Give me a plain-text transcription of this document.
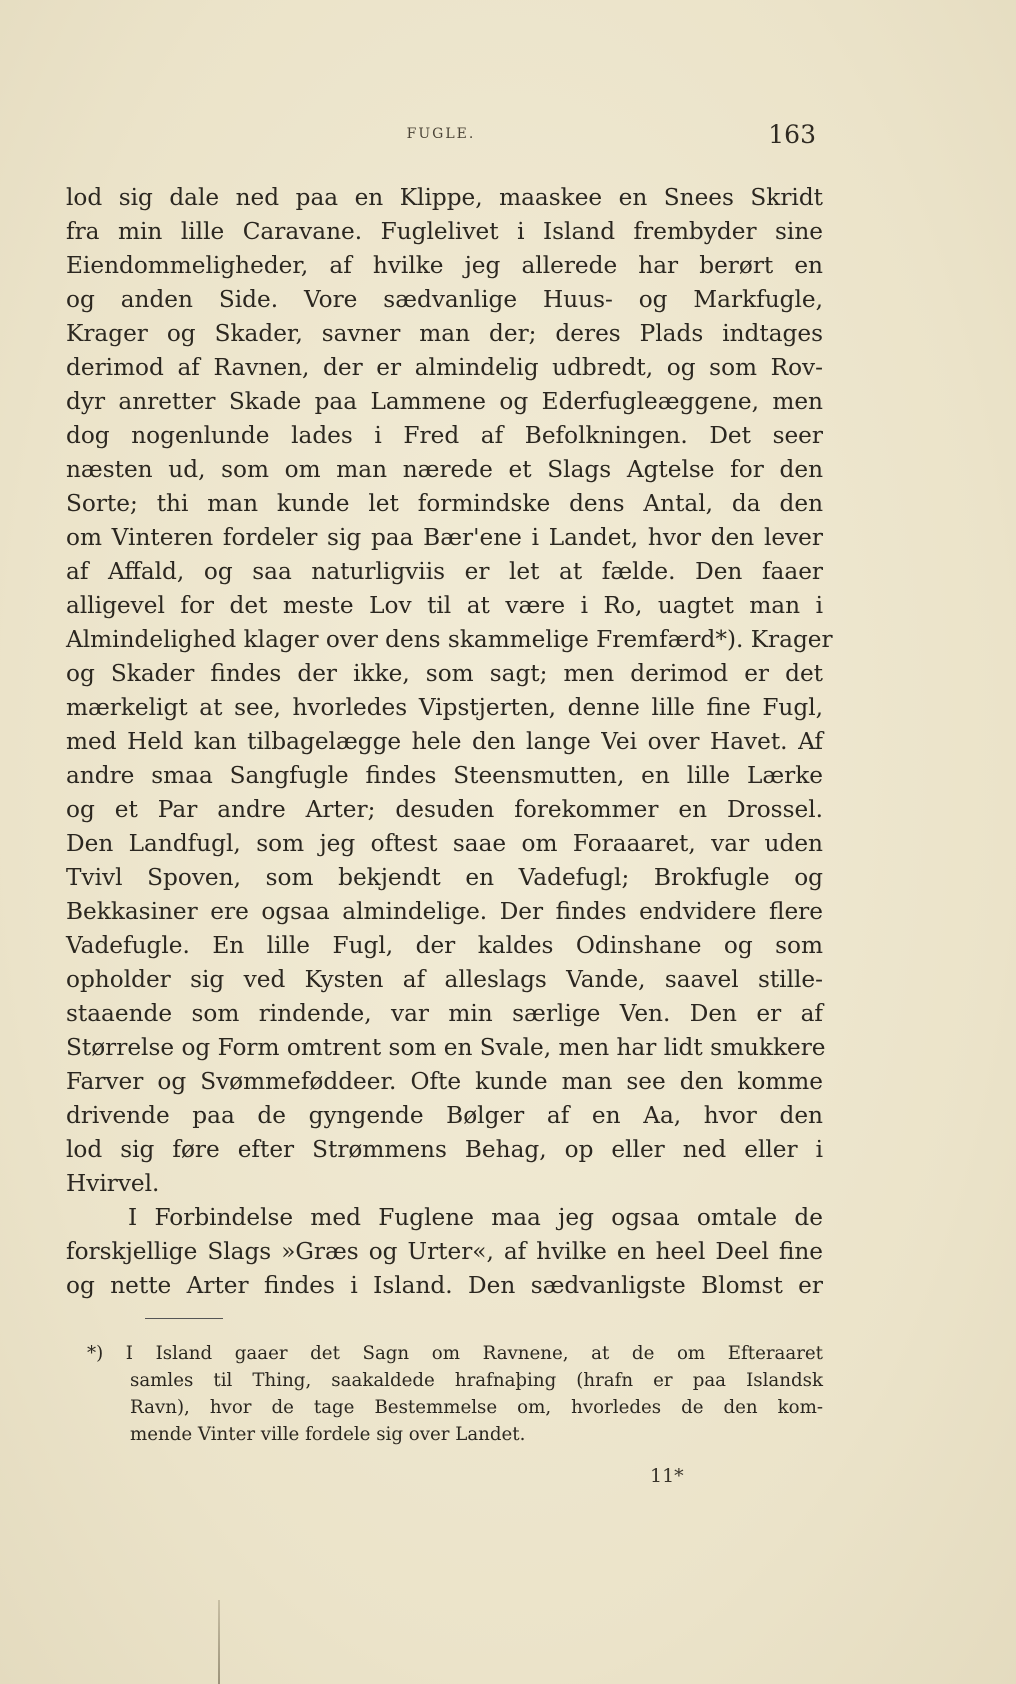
FUGLE.	163
lod sig dale ned paa en Klippe, maaskee en Snees Skridt
fra min lille Caravane. Fuglelivet i Island frembyder sine
Eiendommeligheder, af hvilke jeg allerede har berørt en
og anden Side. Vore sædvanlige Huus- og Markfugle,
Krager og Skader, savner man der; deres Plads indtages
derimod af Ravnen, der er almindelig udbredt, og som Rov-
dyr anretter Skade paa Lammene og Ederfugleæggene, men
dog nogenlunde lades i Fred af Befolkningen. Det seer
næsten ud, som om man nærede et Slags Agtelse for den
Sorte; thi man kunde let formindske dens Antal, da den
om Vinteren fordeler sig paa Bær'ene i Landet, hvor den lever
af Affald, og saa naturligviis er let at fælde. Den faaer
alligevel for det meste Lov til at være i Ro, uagtet man i
Almindelighed klager over dens skammelige Fremfærd*). Krager
og Skader findes der ikke, som sagt; men derimod er det
mærkeligt at see, hvorledes Vipstjerten, denne lille fine Fugl,
med Held kan tilbagelægge hele den lange Vei over Havet. Af
andre smaa Sangfugle findes Steensmutten, en lille Lærke
og et Par andre Arter; desuden forekommer en Drossel.
Den Landfugl, som jeg oftest saae om Foraaaret, var uden
Tvivl Spoven, som bekjendt en Vadefugl; Brokfugle og
Bekkasiner ere ogsaa almindelige. Der findes endvidere flere
Vadefugle. En lille Fugl, der kaldes Odinshane og som
opholder sig ved Kysten af alleslags Vande, saavel stille-
staaende som rindende, var min særlige Ven. Den er af
Størrelse og Form omtrent som en Svale, men har lidt smukkere
Farver og Svømmeføddeer. Ofte kunde man see den komme
drivende paa de gyngende Bølger af en Aa, hvor den
lod sig føre efter Strømmens Behag, op eller ned eller i
Hvirvel.
I Forbindelse med Fuglene maa jeg ogsaa omtale de
forskjellige Slags »Græs og Urter«, af hvilke en heel Deel fine
og nette Arter findes i Island. Den sædvanligste Blomst er
*) I Island gaaer det Sagn om Ravnene, at de om Efteraaret
samles til Thing, saakaldede hrafnaþing (hrafn er paa Islandsk
Ravn), hvor de tage Bestemmelse om, hvorledes de den kom-
mende Vinter ville fordele sig over Landet.
11*
